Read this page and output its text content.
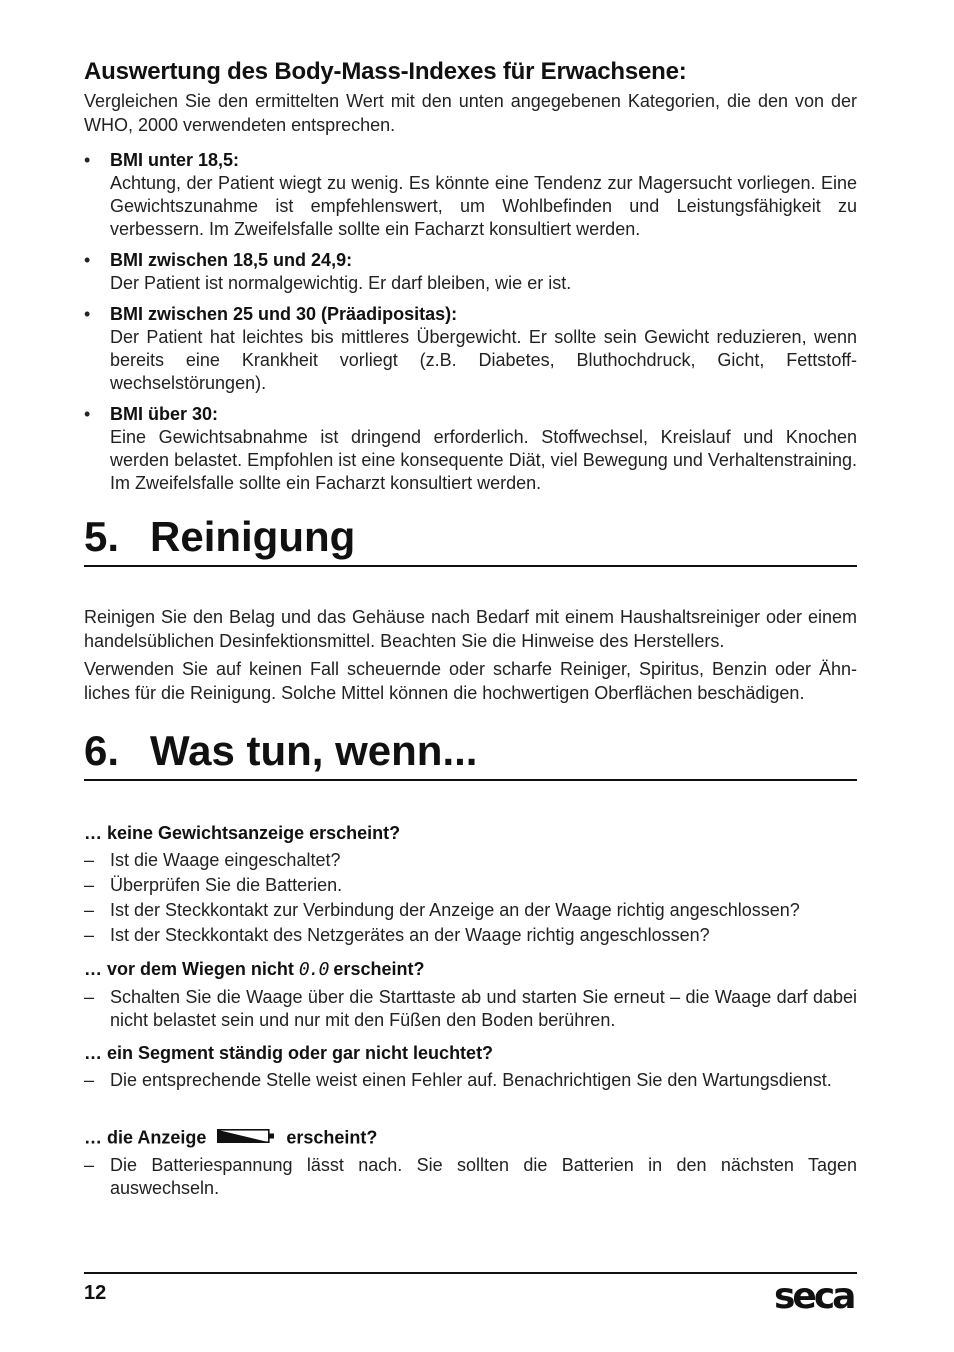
Auswertung des Body-Mass-Indexes für Erwachsene:

Vergleichen Sie den ermittelten Wert mit den unten angegebenen Kategorien, die den von der WHO, 2000 verwendeten entsprechen.

• BMI unter 18,5:
Achtung, der Patient wiegt zu wenig. Es könnte eine Tendenz zur Magersucht vorliegen. Eine Gewichtszunahme ist empfehlenswert, um Wohlbefinden und Leistungsfähigkeit zu verbessern. Im Zweifelsfalle sollte ein Facharzt konsultiert werden.
• BMI zwischen 18,5 und 24,9:
Der Patient ist normalgewichtig. Er darf bleiben, wie er ist.
• BMI zwischen 25 und 30 (Präadipositas):
Der Patient hat leichtes bis mittleres Übergewicht. Er sollte sein Gewicht reduzieren, wenn bereits eine Krankheit vorliegt (z.B. Diabetes, Bluthochdruck, Gicht, Fettstoffwechselstörungen).
• BMI über 30:
Eine Gewichtsabnahme ist dringend erforderlich. Stoffwechsel, Kreislauf und Knochen werden belastet. Empfohlen ist eine konsequente Diät, viel Bewegung und Verhaltenstraining. Im Zweifelsfalle sollte ein Facharzt konsultiert werden.
5. Reinigung

Reinigen Sie den Belag und das Gehäuse nach Bedarf mit einem Haushaltsreiniger oder einem handelsüblichen Desinfektionsmittel. Beachten Sie die Hinweise des Herstellers.

Verwenden Sie auf keinen Fall scheuernde oder scharfe Reiniger, Spiritus, Benzin oder Ähnliches für die Reinigung. Solche Mittel können die hochwertigen Oberflächen beschädigen.

6. Was tun, wenn...
… keine Gewichtsanzeige erscheint?
– Ist die Waage eingeschaltet?
– Überprüfen Sie die Batterien.
– Ist der Steckkontakt zur Verbindung der Anzeige an der Waage richtig angeschlossen?
– Ist der Steckkontakt des Netzgerätes an der Waage richtig angeschlossen?
… vor dem Wiegen nicht 0.0 erscheint?
– Schalten Sie die Waage über die Starttaste ab und starten Sie erneut – die Waage darf dabei nicht belastet sein und nur mit den Füßen den Boden berühren.
… ein Segment ständig oder gar nicht leuchtet?
– Die entsprechende Stelle weist einen Fehler auf. Benachrichtigen Sie den Wartungsdienst.
… die Anzeige	erscheint?
– Die Batteriespannung lässt nach. Sie sollten die Batterien in den nächsten Tagen auswechseln.
12	seca
